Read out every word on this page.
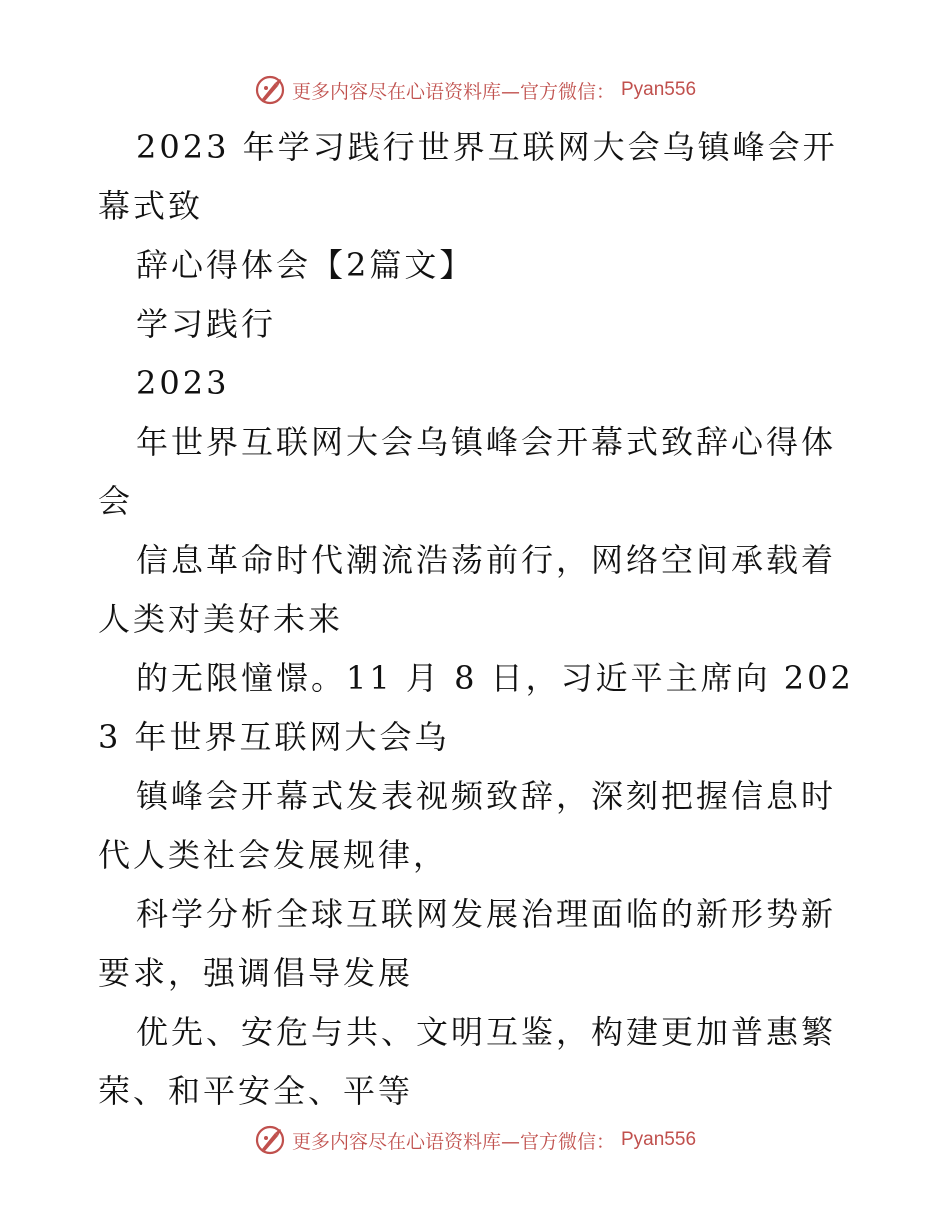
更多内容尽在心语资料库—官方微信： Pyan556

2023 年学习践行世界互联网大会乌镇峰会开幕式致

辞心得体会【2篇文】

学习践行

2023

年世界互联网大会乌镇峰会开幕式致辞心得体会

信息革命时代潮流浩荡前行，网络空间承载着人类对美好未来

的无限憧憬。11 月 8 日，习近平主席向 2023 年世界互联网大会乌

镇峰会开幕式发表视频致辞，深刻把握信息时代人类社会发展规律，

科学分析全球互联网发展治理面临的新形势新要求，强调倡导发展

优先、安危与共、文明互鉴，构建更加普惠繁荣、和平安全、平等

更多内容尽在心语资料库—官方微信： Pyan556
